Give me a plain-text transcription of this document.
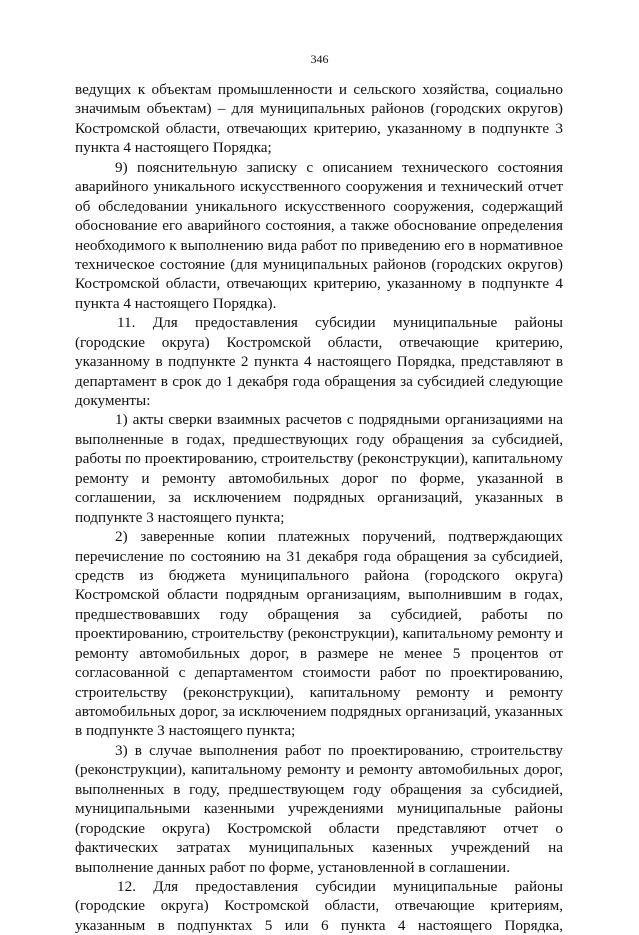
346
ведущих к объектам промышленности и сельского хозяйства, социально
значимым объектам) – для муниципальных районов (городских округов)
Костромской области, отвечающих критерию, указанному в подпункте 3
пункта 4 настоящего Порядка;
9) пояснительную записку с описанием технического состояния
аварийного уникального искусственного сооружения и технический отчет
об обследовании уникального искусственного сооружения, содержащий
обоснование его аварийного состояния, а также обоснование определения
необходимого к выполнению вида работ по приведению его в нормативное
техническое состояние (для муниципальных районов (городских округов)
Костромской области, отвечающих критерию, указанному в подпункте 4
пункта 4 настоящего Порядка).
11. Для предоставления субсидии муниципальные районы
(городские округа) Костромской области, отвечающие критерию,
указанному в подпункте 2 пункта 4 настоящего Порядка, представляют в
департамент в срок до 1 декабря года обращения за субсидией следующие
документы:
1) акты сверки взаимных расчетов с подрядными организациями на
выполненные в годах, предшествующих году обращения за субсидией,
работы по проектированию, строительству (реконструкции), капитальному
ремонту и ремонту автомобильных дорог по форме, указанной в
соглашении, за исключением подрядных организаций, указанных в
подпункте 3 настоящего пункта;
2) заверенные копии платежных поручений, подтверждающих
перечисление по состоянию на 31 декабря года обращения за субсидией,
средств из бюджета муниципального района (городского округа)
Костромской области подрядным организациям, выполнившим в годах,
предшествовавших году обращения за субсидией, работы по
проектированию, строительству (реконструкции), капитальному ремонту и
ремонту автомобильных дорог, в размере не менее 5 процентов от
согласованной с департаментом стоимости работ по проектированию,
строительству (реконструкции), капитальному ремонту и ремонту
автомобильных дорог, за исключением подрядных организаций, указанных
в подпункте 3 настоящего пункта;
3) в случае выполнения работ по проектированию, строительству
(реконструкции), капитальному ремонту и ремонту автомобильных дорог,
выполненных в году, предшествующем году обращения за субсидией,
муниципальными казенными учреждениями муниципальные районы
(городские округа) Костромской области представляют отчет о
фактических затратах муниципальных казенных учреждений на
выполнение данных работ по форме, установленной в соглашении.
12. Для предоставления субсидии муниципальные районы
(городские округа) Костромской области, отвечающие критериям,
указанным в подпунктах 5 или 6 пункта 4 настоящего Порядка,
